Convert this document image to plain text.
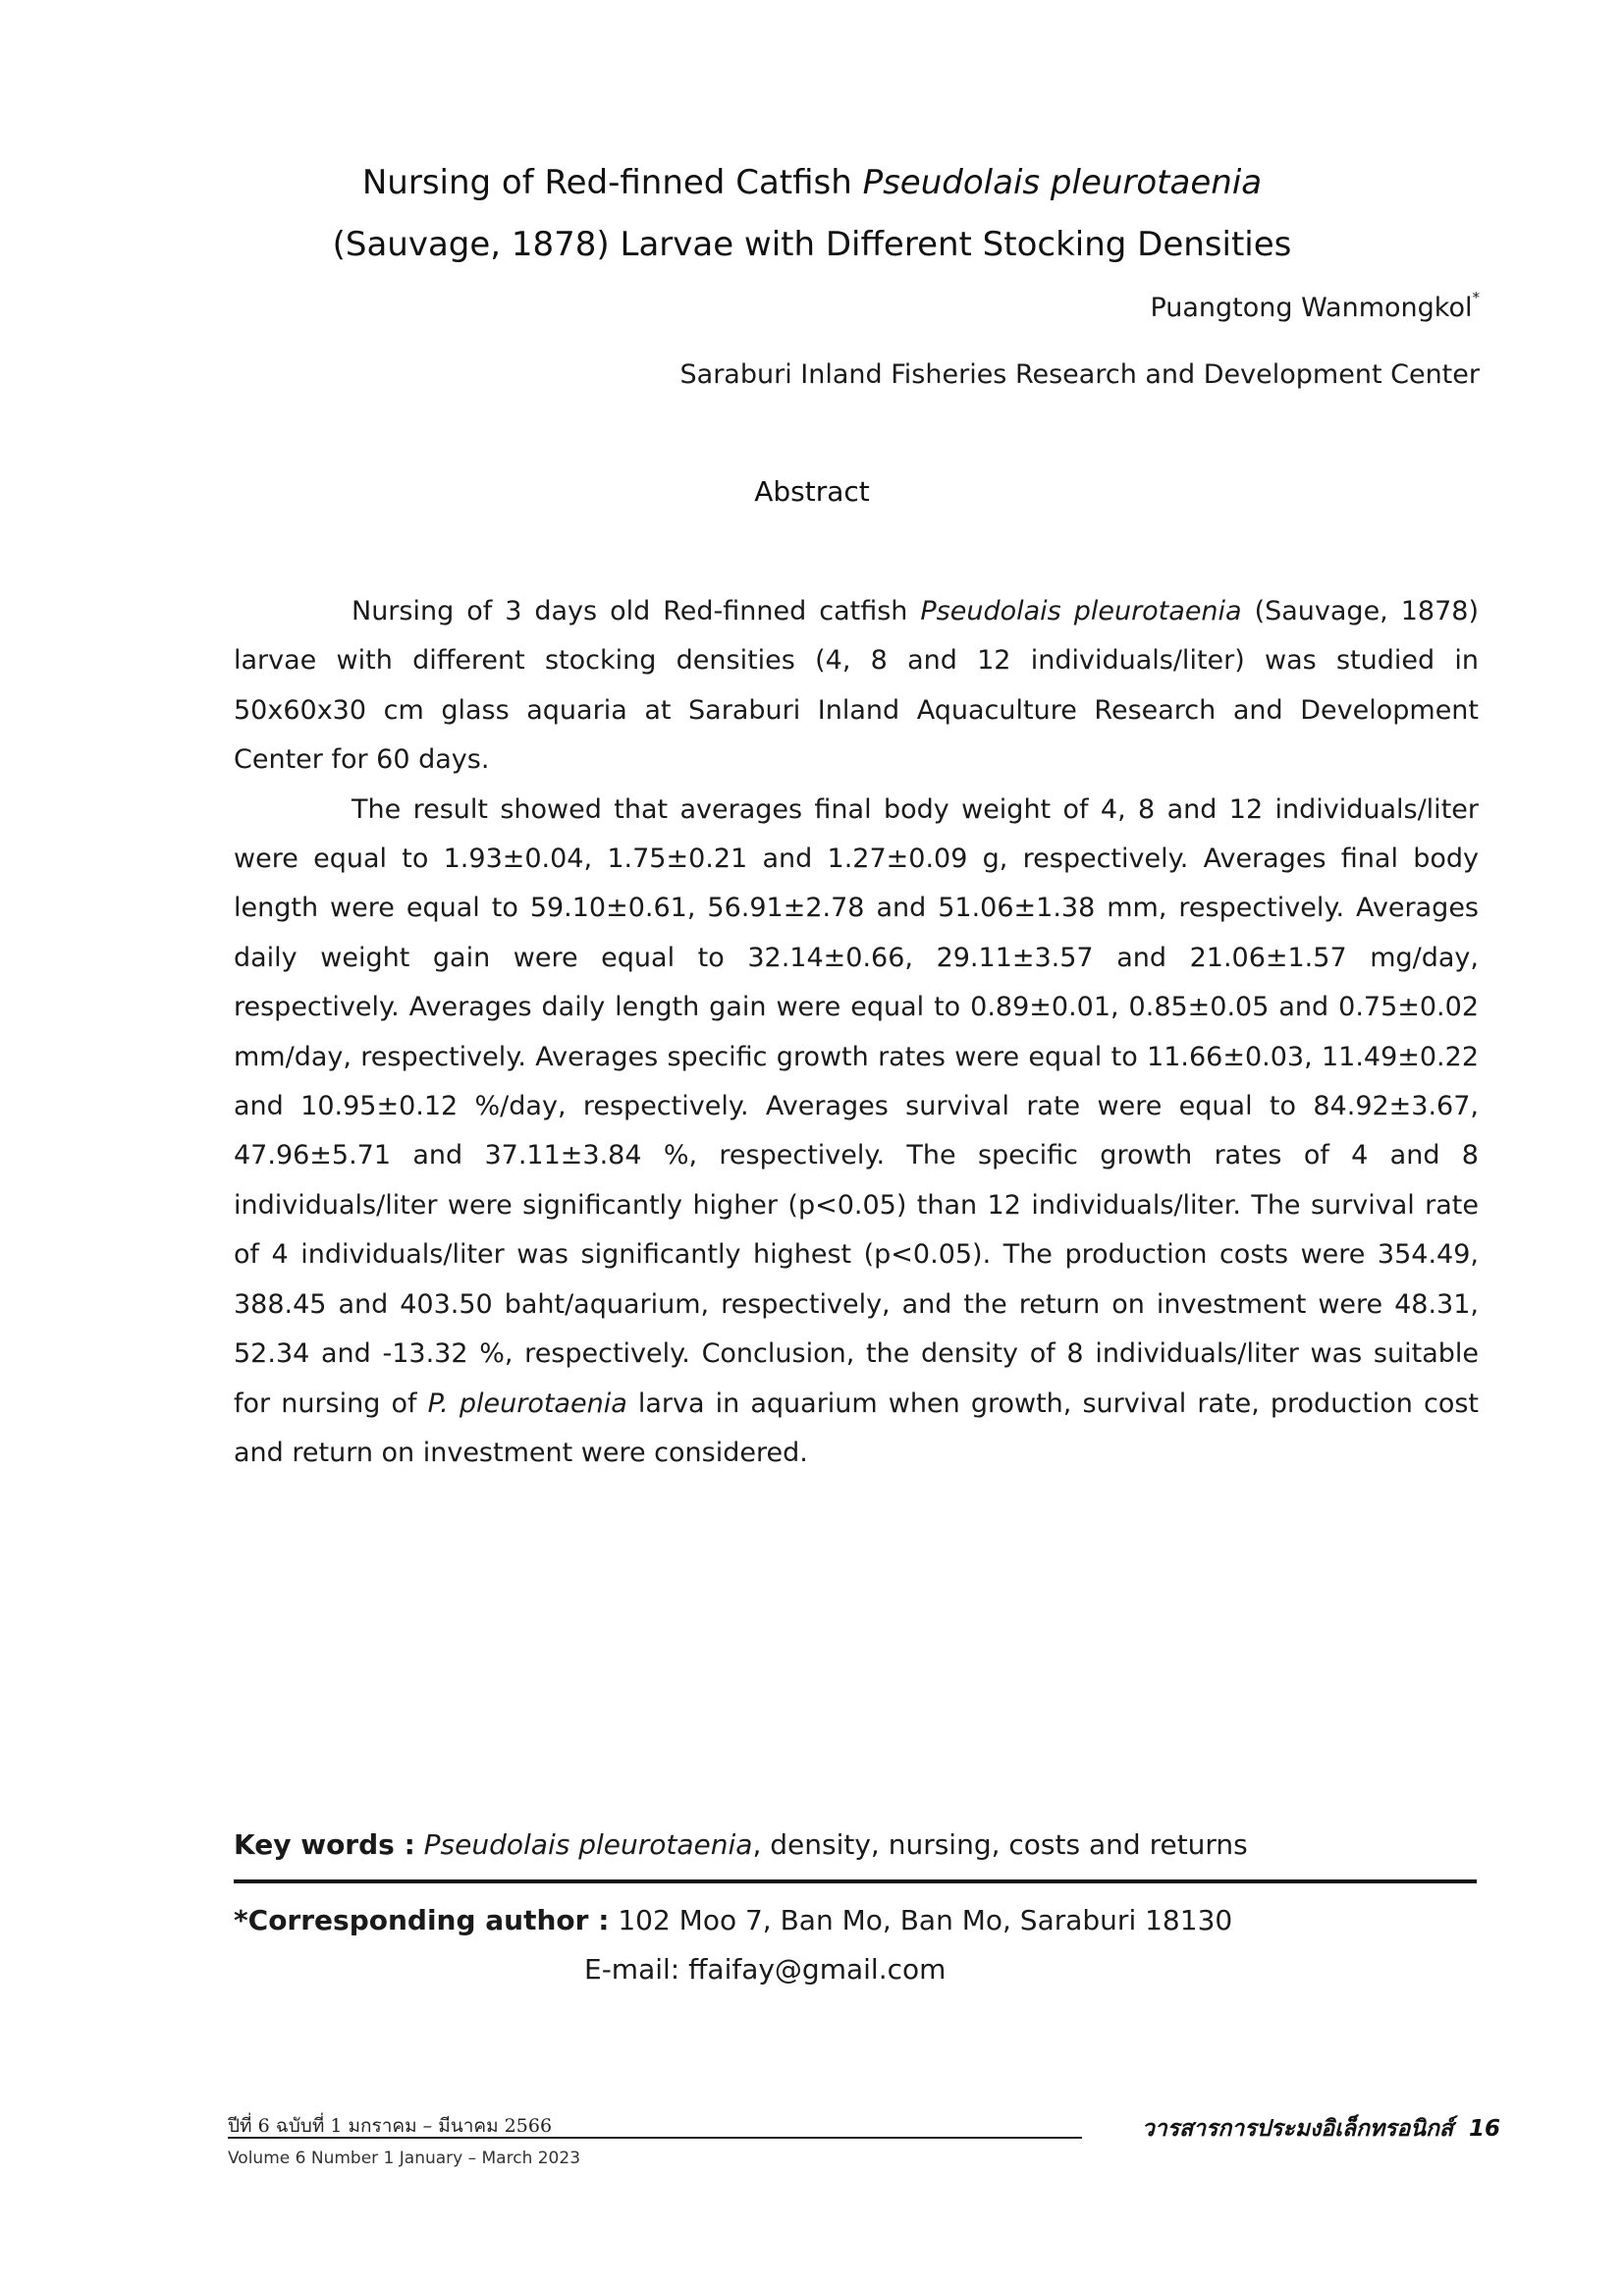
Nursing of Red-finned Catfish Pseudolais pleurotaenia
(Sauvage, 1878) Larvae with Different Stocking Densities
Puangtong Wanmongkol*
Saraburi Inland Fisheries Research and Development Center
Abstract

Nursing of 3 days old Red-finned catfish Pseudolais pleurotaenia (Sauvage, 1878) larvae with different stocking densities (4, 8 and 12 individuals/liter) was studied in 50x60x30 cm glass aquaria at Saraburi Inland Aquaculture Research and Development Center for 60 days.

The result showed that averages final body weight of 4, 8 and 12 individuals/liter were equal to 1.93±0.04, 1.75±0.21 and 1.27±0.09 g, respectively. Averages final body length were equal to 59.10±0.61, 56.91±2.78 and 51.06±1.38 mm, respectively. Averages daily weight gain were equal to 32.14±0.66, 29.11±3.57 and 21.06±1.57 mg/day, respectively. Averages daily length gain were equal to 0.89±0.01, 0.85±0.05 and 0.75±0.02 mm/day, respectively. Averages specific growth rates were equal to 11.66±0.03, 11.49±0.22 and 10.95±0.12 %/day, respectively. Averages survival rate were equal to 84.92±3.67, 47.96±5.71 and 37.11±3.84 %, respectively. The specific growth rates of 4 and 8 individuals/liter were significantly higher (p<0.05) than 12 individuals/liter. The survival rate of 4 individuals/liter was significantly highest (p<0.05). The production costs were 354.49, 388.45 and 403.50 baht/aquarium, respectively, and the return on investment were 48.31, 52.34 and -13.32 %, respectively. Conclusion, the density of 8 individuals/liter was suitable for nursing of P. pleurotaenia larva in aquarium when growth, survival rate, production cost and return on investment were considered.

Key words : Pseudolais pleurotaenia, density, nursing, costs and returns
*Corresponding author : 102 Moo 7, Ban Mo, Ban Mo, Saraburi 18130
E-mail: ffaifay@gmail.com
ปีที่ 6 ฉบับที่ 1 มกราคม – มีนาคม 2566	วารสารการประมงอิเล็กทรอนิกส์ 16
Volume 6 Number 1 January – March 2023
